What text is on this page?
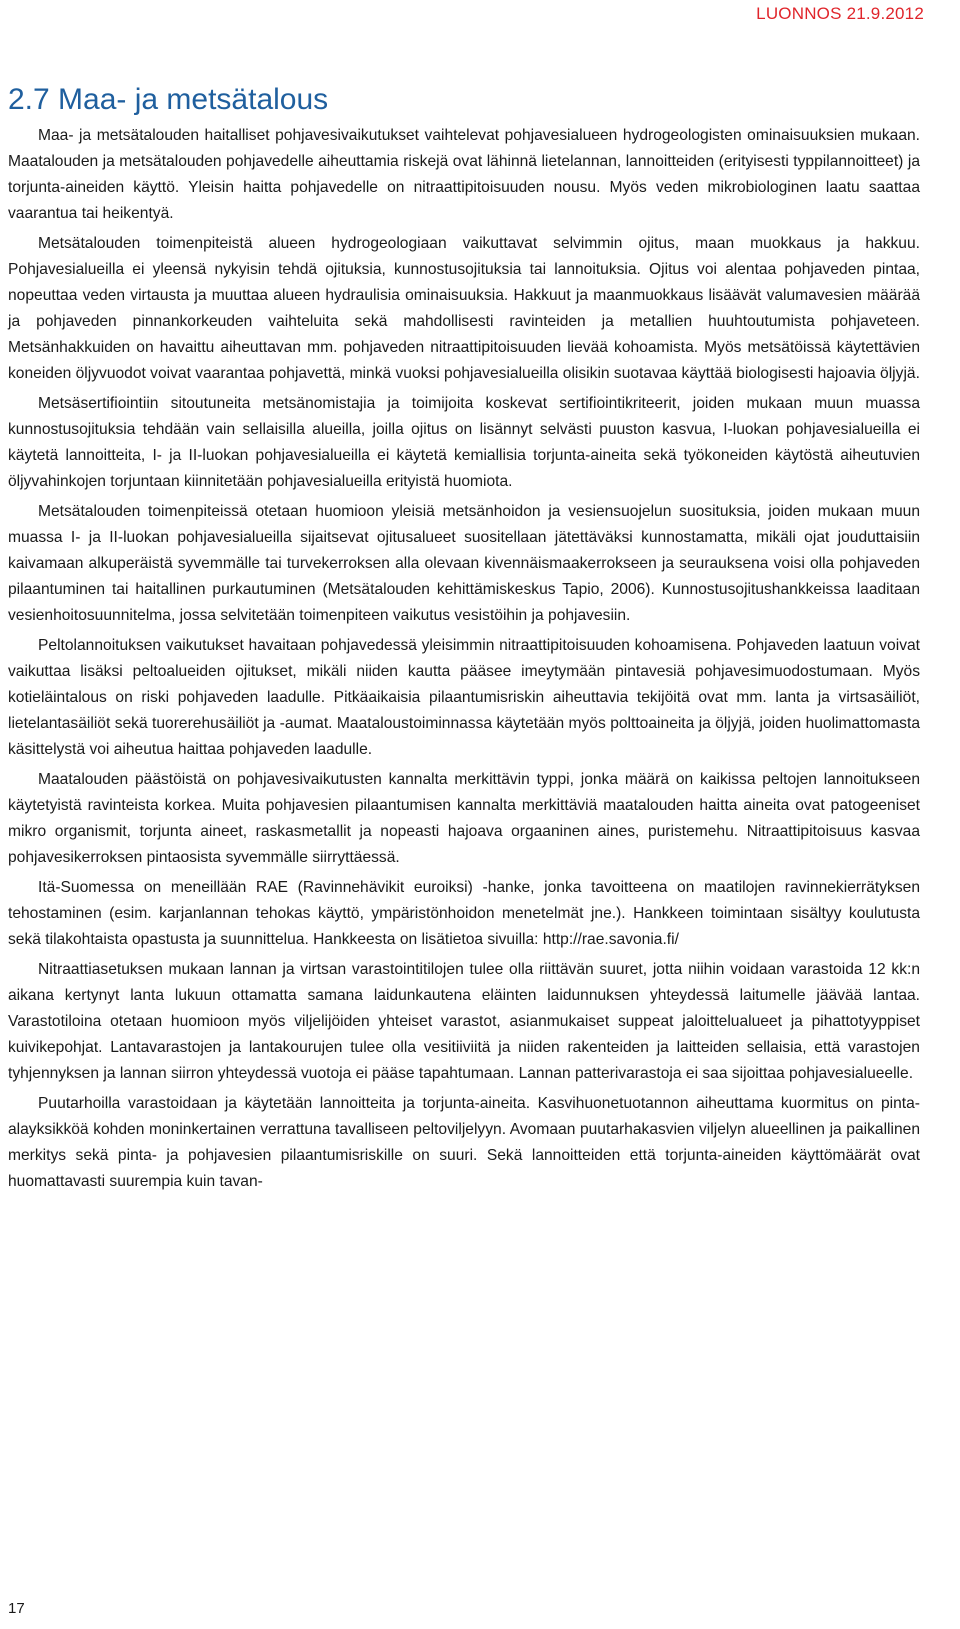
LUONNOS 21.9.2012
2.7 Maa- ja metsätalous

Maa- ja metsätalouden haitalliset pohjavesivaikutukset vaihtelevat pohjavesialueen hydrogeologisten ominaisuuksien mukaan. Maatalouden ja metsätalouden pohjavedelle aiheuttamia riskejä ovat lähinnä lietelannan, lannoitteiden (erityisesti typpilannoitteet) ja torjunta-aineiden käyttö. Yleisin haitta pohjavedelle on nitraattipitoisuuden nousu. Myös veden mikrobiologinen laatu saattaa vaarantua tai heikentyä.

Metsätalouden toimenpiteistä alueen hydrogeologiaan vaikuttavat selvimmin ojitus, maan muokkaus ja hakkuu. Pohjavesialueilla ei yleensä nykyisin tehdä ojituksia, kunnostusojituksia tai lannoituksia. Ojitus voi alentaa pohjaveden pintaa, nopeuttaa veden virtausta ja muuttaa alueen hydraulisia ominaisuuksia. Hakkuut ja maanmuokkaus lisäävät valumavesien määrää ja pohjaveden pinnankorkeuden vaihteluita sekä mahdollisesti ravinteiden ja metallien huuhtoutumista pohjaveteen. Metsänhakkuiden on havaittu aiheuttavan mm. pohjaveden nitraattipitoisuuden lievää kohoamista. Myös metsätöissä käytettävien koneiden öljyvuodot voivat vaarantaa pohjavettä, minkä vuoksi pohjavesialueilla olisikin suotavaa käyttää biologisesti hajoavia öljyjä.

Metsäsertifiointiin sitoutuneita metsänomistajia ja toimijoita koskevat sertifiointikriteerit, joiden mukaan muun muassa kunnostusojituksia tehdään vain sellaisilla alueilla, joilla ojitus on lisännyt selvästi puuston kasvua, I-luokan pohjavesialueilla ei käytetä lannoitteita, I- ja II-luokan pohjavesialueilla ei käytetä kemiallisia torjunta-aineita sekä työkoneiden käytöstä aiheutuvien öljyvahinkojen torjuntaan kiinnitetään pohjavesialueilla erityistä huomiota.

Metsätalouden toimenpiteissä otetaan huomioon yleisiä metsänhoidon ja vesiensuojelun suosituksia, joiden mukaan muun muassa I- ja II-luokan pohjavesialueilla sijaitsevat ojitusalueet suositellaan jätettäväksi kunnostamatta, mikäli ojat jouduttaisiin kaivamaan alkuperäistä syvemmälle tai turvekerroksen alla olevaan kivennäismaakerrokseen ja seurauksena voisi olla pohjaveden pilaantuminen tai haitallinen purkautuminen (Metsätalouden kehittämiskeskus Tapio, 2006). Kunnostusojitushankkeissa laaditaan vesienhoitosuunnitelma, jossa selvitetään toimenpiteen vaikutus vesistöihin ja pohjavesiin.

Peltolannoituksen vaikutukset havaitaan pohjavedessä yleisimmin nitraattipitoisuuden kohoamisena. Pohjaveden laatuun voivat vaikuttaa lisäksi peltoalueiden ojitukset, mikäli niiden kautta pääsee imeytymään pintavesiä pohjavesimuodostumaan. Myös kotieläintalous on riski pohjaveden laadulle. Pitkäaikaisia pilaantumisriskin aiheuttavia tekijöitä ovat mm. lanta ja virtsasäiliöt, lietelantasäiliöt sekä tuorerehusäiliöt ja -aumat. Maataloustoiminnassa käytetään myös polttoaineita ja öljyjä, joiden huolimattomasta käsittelystä voi aiheutua haittaa pohjaveden laadulle.

Maatalouden päästöistä on pohjavesivaikutusten kannalta merkittävin typpi, jonka määrä on kaikissa peltojen lannoitukseen käytetyistä ravinteista korkea. Muita pohjavesien pilaantumisen kannalta merkittäviä maatalouden haitta aineita ovat patogeeniset mikro organismit, torjunta aineet, raskasmetallit ja nopeasti hajoava orgaaninen aines, puristemehu. Nitraattipitoisuus kasvaa pohjavesikerroksen pintaosista syvemmälle siirryttäessä.

Itä-Suomessa on meneillään RAE (Ravinnehävikit euroiksi) -hanke, jonka tavoitteena on maatilojen ravinnekierrätyksen tehostaminen (esim. karjanlannan tehokas käyttö, ympäristönhoidon menetelmät jne.). Hankkeen toimintaan sisältyy koulutusta sekä tilakohtaista opastusta ja suunnittelua. Hankkeesta on lisätietoa sivuilla: http://rae.savonia.fi/

Nitraattiasetuksen mukaan lannan ja virtsan varastointitilojen tulee olla riittävän suuret, jotta niihin voidaan varastoida 12 kk:n aikana kertynyt lanta lukuun ottamatta samana laidunkautena eläinten laidunnuksen yhteydessä laitumelle jäävää lantaa. Varastotiloina otetaan huomioon myös viljelijöiden yhteiset varastot, asianmukaiset suppeat jaloittelualueet ja pihattotyyppiset kuivikepohjat. Lantavarastojen ja lantakourujen tulee olla vesitiiviitä ja niiden rakenteiden ja laitteiden sellaisia, että varastojen tyhjennyksen ja lannan siirron yhteydessä vuotoja ei pääse tapahtumaan. Lannan patterivarastoja ei saa sijoittaa pohjavesialueelle.

Puutarhoilla varastoidaan ja käytetään lannoitteita ja torjunta-aineita. Kasvihuonetuotannon aiheuttama kuormitus on pinta-alayksikköä kohden moninkertainen verrattuna tavalliseen peltoviljelyyn. Avomaan puutarhakasvien viljelyn alueellinen ja paikallinen merkitys sekä pinta- ja pohjavesien pilaantumisriskille on suuri. Sekä lannoitteiden että torjunta-aineiden käyttömäärät ovat huomattavasti suurempia kuin tavan-

17
